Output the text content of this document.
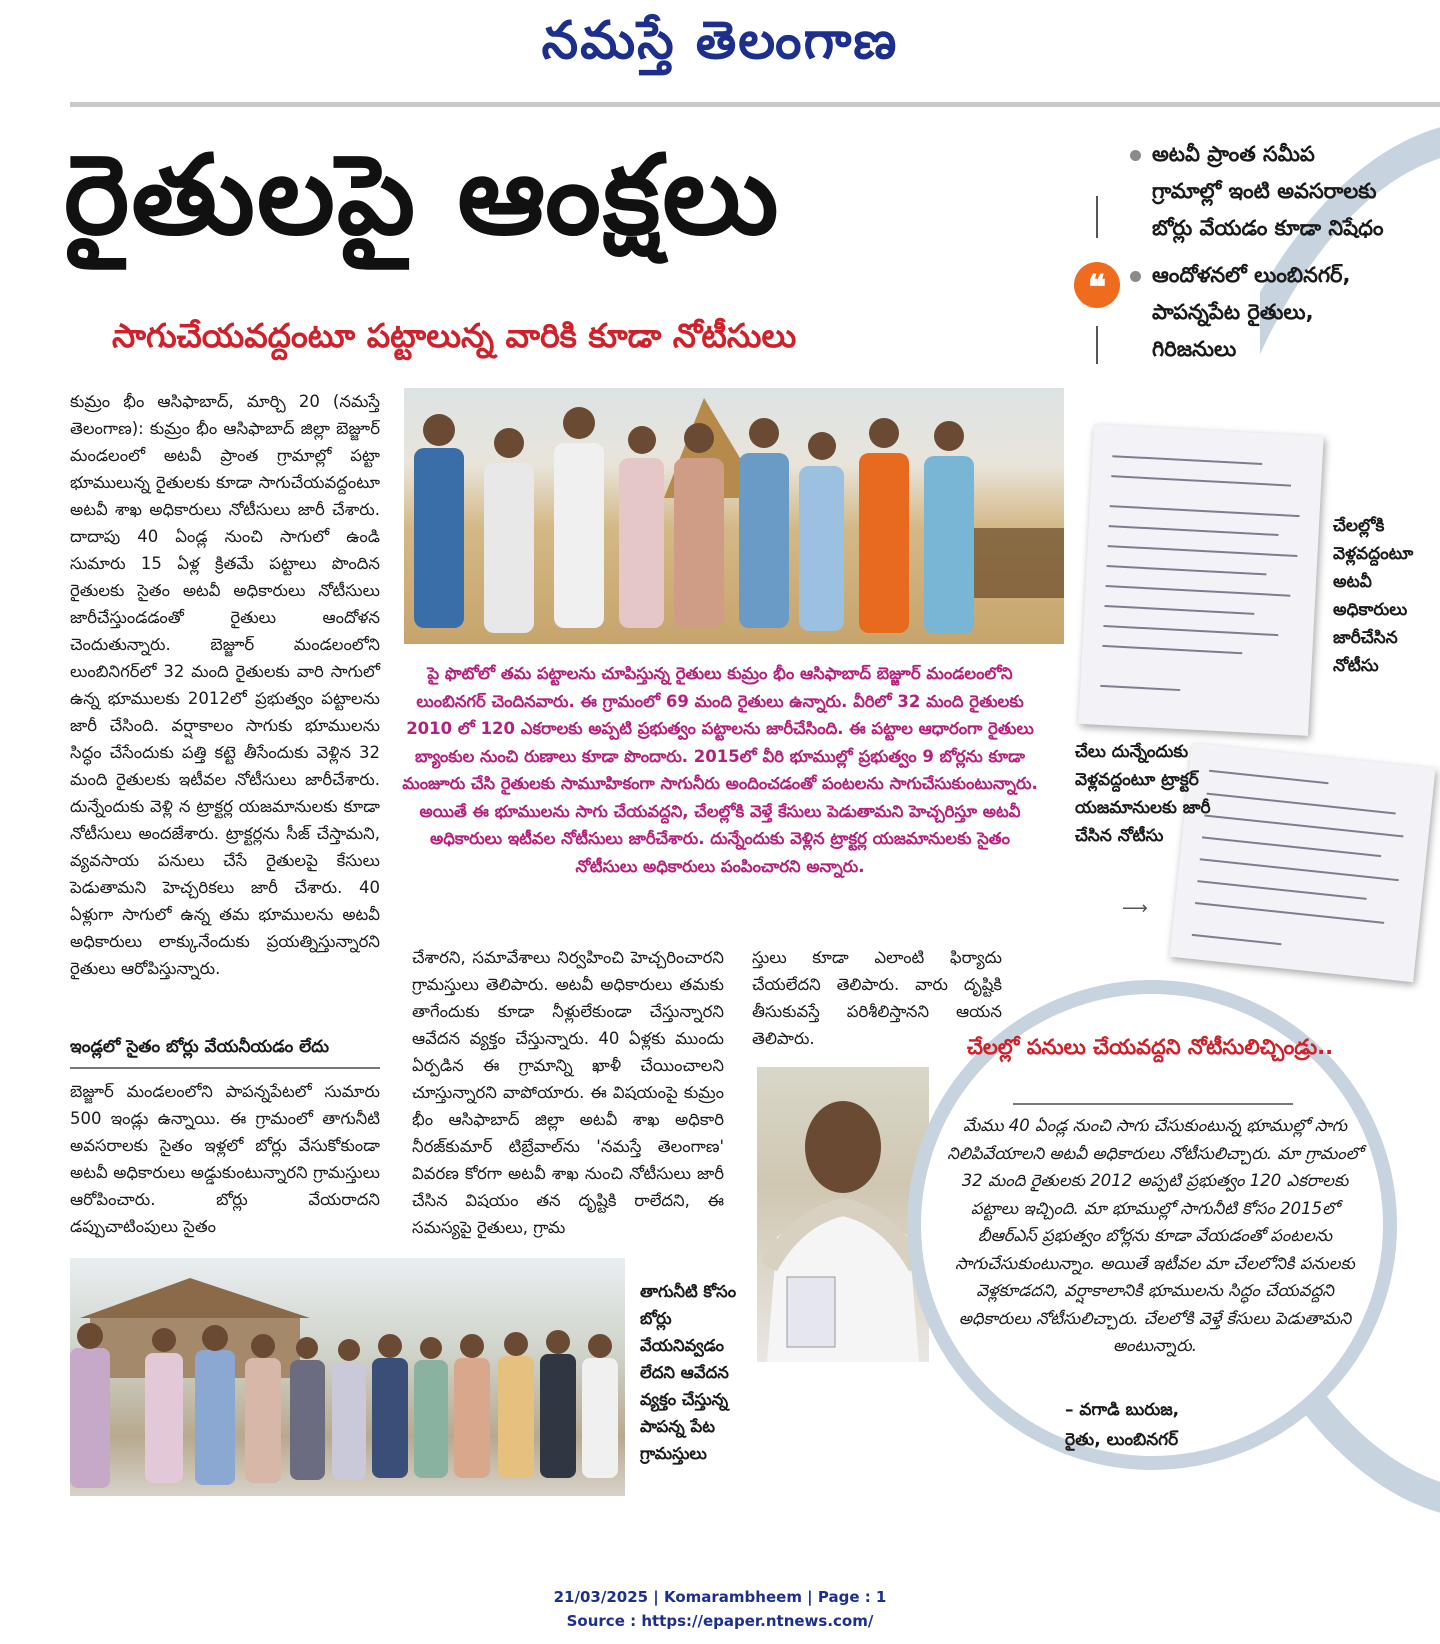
నమస్తే తెలంగాణ
రైతులపై ఆంక్షలు
సాగుచేయవద్దంటూ పట్టాలున్న వారికి కూడా నోటీసులు
❝
అటవీ ప్రాంత సమీప గ్రామాల్లో ఇంటి అవసరాలకు బోర్లు వేయడం కూడా నిషేధం
ఆందోళనలో లుంబినగర్, పాపన్నపేట రైతులు, గిరిజనులు
కుమ్రం భీం ఆసిఫాబాద్, మార్చి 20 (నమస్తే తెలంగాణ): కుమ్రం భీం ఆసిఫాబాద్ జిల్లా బెజ్జూర్ మండలంలో అటవీ ప్రాంత గ్రామాల్లో పట్టా భూములున్న రైతులకు కూడా సాగుచేయవద్దంటూ అటవీ శాఖ అధికారులు నోటీసులు జారీ చేశారు. దాదాపు 40 ఏండ్ల నుంచి సాగులో ఉండి సుమారు 15 ఏళ్ల క్రితమే పట్టాలు పొందిన రైతులకు సైతం అటవీ అధికారులు నోటీసులు జారీచేస్తుండడంతో రైతులు ఆందోళన చెందుతున్నారు. బెజ్జూర్ మండలంలోని లుంబినిగర్‌లో 32 మంది రైతులకు వారి సాగులో ఉన్న భూములకు 2012లో ప్రభుత్వం పట్టాలను జారీ చేసింది. వర్షాకాలం సాగుకు భూములను సిద్ధం చేసేందుకు పత్తి కట్టె తీసేందుకు వెళ్లిన 32 మంది రైతులకు ఇటీవల నోటీసులు జారీచేశారు. దున్నేందుకు వెళ్లి న ట్రాక్టర్ల యజమానులకు కూడా నోటీసులు అందజేశారు. ట్రాక్టర్లను సీజ్ చేస్తామని, వ్యవసాయ పనులు చేసే రైతులపై కేసులు పెడుతామని హెచ్చరికలు జారీ చేశారు. 40 ఏళ్లుగా సాగులో ఉన్న తమ భూములను అటవీ అధికారులు లాక్కునేందుకు ప్రయత్నిస్తున్నారని రైతులు ఆరోపిస్తున్నారు.
ఇండ్లలో సైతం బోర్లు వేయనీయడం లేదు
బెజ్జూర్ మండలంలోని పాపన్నపేటలో సుమారు 500 ఇండ్లు ఉన్నాయి. ఈ గ్రామంలో తాగునీటి అవసరాలకు సైతం ఇళ్లలో బోర్లు వేసుకోకుండా అటవీ అధికారులు అడ్డుకుంటున్నారని గ్రామస్తులు ఆరోపించారు. బోర్లు వేయరాదని డప్పుచాటింపులు సైతం
పై ఫొటోలో తమ పట్టాలను చూపిస్తున్న రైతులు కుమ్రం భీం ఆసిఫాబాద్ బెజ్జూర్ మండలంలోని లుంబినగర్ చెందినవారు. ఈ గ్రామంలో 69 మంది రైతులు ఉన్నారు. వీరిలో 32 మంది రైతులకు 2010 లో 120 ఎకరాలకు అప్పటి ప్రభుత్వం పట్టాలను జారీచేసింది. ఈ పట్టాల ఆధారంగా రైతులు బ్యాంకుల నుంచి రుణాలు కూడా పొందారు. 2015లో వీరి భూముల్లో ప్రభుత్వం 9 బోర్లను కూడా మంజూరు చేసి రైతులకు సామూహికంగా సాగునీరు అందించడంతో పంటలను సాగుచేసుకుంటున్నారు. అయితే ఈ భూములను సాగు చేయవద్దని, చేలల్లోకి వెళ్తే కేసులు పెడుతామని హెచ్చరిస్తూ అటవీ అధికారులు ఇటీవల నోటీసులు జారీచేశారు. దున్నేందుకు వెళ్లిన ట్రాక్టర్ల యజమానులకు సైతం నోటీసులు అధికారులు పంపించారని అన్నారు.
చేలల్లోకి వెళ్లవద్దంటూ అటవీ అధికారులు జారీచేసిన నోటీసు
చేలు దున్నేందుకు వెళ్లవద్దంటూ ట్రాక్టర్ యజమానులకు జారీ చేసిన నోటీసు
⟶
చేశారని, సమావేశాలు నిర్వహించి హెచ్చరించారని గ్రామస్తులు తెలిపారు. అటవీ అధికారులు తమకు తాగేందుకు కూడా నీళ్లులేకుండా చేస్తున్నారని ఆవేదన వ్యక్తం చేస్తున్నారు. 40 ఏళ్లకు ముందు ఏర్పడిన ఈ గ్రామాన్ని ఖాళీ చేయించాలని చూస్తున్నారని వాపోయారు. ఈ విషయంపై కుమ్రం భీం ఆసిఫాబాద్ జిల్లా అటవీ శాఖ అధికారి నీరజ్‌కుమార్ టిబ్రేవాల్‌ను 'నమస్తే తెలంగాణ' వివరణ కోరగా అటవీ శాఖ నుంచి నోటీసులు జారీ చేసిన విషయం తన దృష్టికి రాలేదని, ఈ సమస్యపై రైతులు, గ్రామ
స్తులు కూడా ఎలాంటి ఫిర్యాదు చేయలేదని తెలిపారు. వారు దృష్టికి తీసుకువస్తే పరిశీలిస్తానని ఆయన తెలిపారు.	చేలల్లో పనులు చేయవద్దని నోటీసులిచ్చిండ్రు..
మేము 40 ఏండ్ల నుంచి సాగు చేసుకుంటున్న భూముల్లో సాగు నిలిపివేయాలని అటవీ అధికారులు నోటీసులిచ్చారు. మా గ్రామంలో 32 మంది రైతులకు 2012 అప్పటి ప్రభుత్వం 120 ఎకరాలకు పట్టాలు ఇచ్చింది. మా భూముల్లో సాగునీటి కోసం 2015లో బీఆర్‌ఎస్ ప్రభుత్వం బోర్లను కూడా వేయడంతో పంటలను సాగుచేసుకుంటున్నాం. అయితే ఇటీవల మా చేలలోనికి పనులకు వెళ్లకూడదని, వర్షాకాలానికి భూములను సిద్ధం చేయవద్దని అధికారులు నోటీసులిచ్చారు. చేలలోకి వెళ్తే కేసులు పెడుతామని అంటున్నారు.
– వగాడి బురుజ,
రైతు, లుంబినగర్
తాగునీటి కోసం బోర్లు వేయనివ్వడం లేదని ఆవేదన వ్యక్తం చేస్తున్న పాపన్న పేట గ్రామస్తులు
21/03/2025 | Komarambheem | Page : 1
Source : https://epaper.ntnews.com/
